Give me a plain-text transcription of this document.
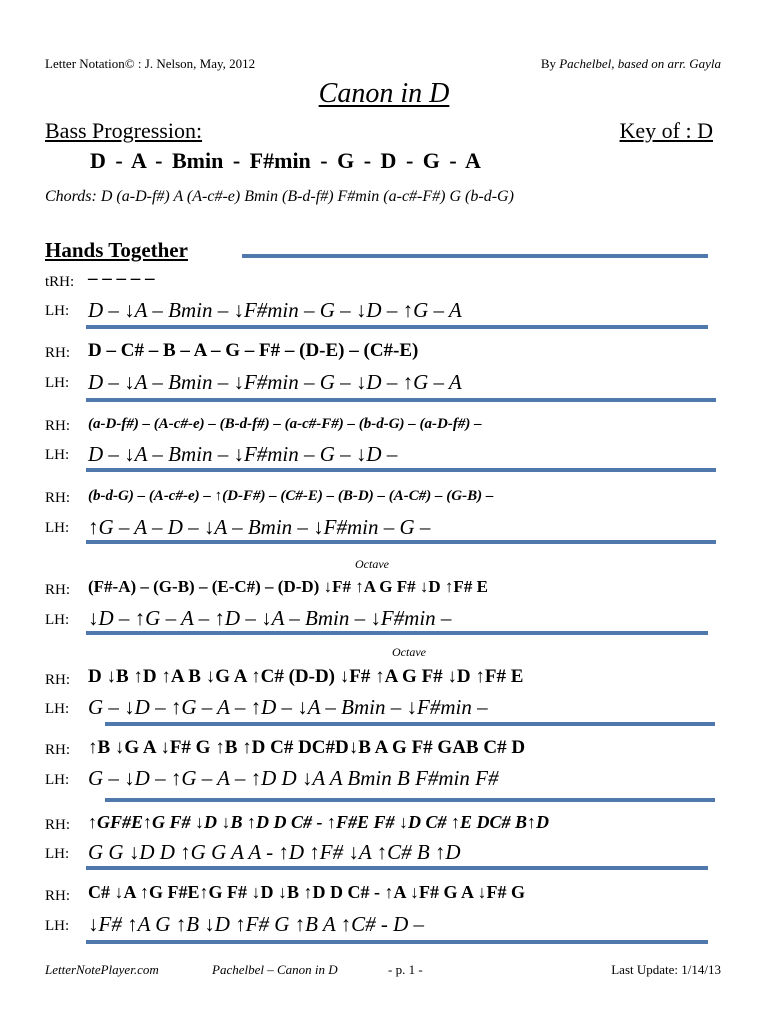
Letter Notation© : J. Nelson, May, 2012	By Pachelbel, based on arr. Gayla
Canon in D
Bass Progression:	Key of : D
D - A - Bmin - F#min - G - D - G - A
Chords: D (a-D-f#) A (A-c#-e) Bmin (B-d-f#) F#min (a-c#-F#) G (b-d-G)
Hands Together
tRH: – – – – –
LH: D – ↓A – Bmin – ↓F#min – G – ↓D – ↑G – A
RH: D – C# – B – A – G – F# – (D-E) – (C#-E)
LH: D – ↓A – Bmin – ↓F#min – G – ↓D – ↑G – A
RH: (a-D-f#) – (A-c#-e) – (B-d-f#) – (a-c#-F#) – (b-d-G) – (a-D-f#) –
LH: D – ↓A – Bmin – ↓F#min – G – ↓D –
RH: (b-d-G) – (A-c#-e) – ↑(D-F#) – (C#-E) – (B-D) – (A-C#) – (G-B) –
LH: ↑G – A – D – ↓A – Bmin – ↓F#min – G –
Octave
RH: (F#-A) – (G-B) – (E-C#) – (D-D) ↓F# ↑A G F# ↓D ↑F# E
LH: ↓D – ↑G – A – ↑D – ↓A – Bmin – ↓F#min –
Octave
RH: D ↓B ↑D ↑A B ↓G A ↑C# (D-D) ↓F# ↑A G F# ↓D ↑F# E
LH: G – ↓D – ↑G – A – ↑D – ↓A – Bmin – ↓F#min –
RH: ↑B ↓G A ↓F# G ↑B ↑D C# DC#D↓B A G F# GAB C# D
LH: G – ↓D – ↑G – A – ↑D D ↓A A Bmin B F#min F#
RH: ↑GF#E↑G F# ↓D ↓B ↑D D C# - ↑F#E F# ↓D C# ↑E DC# B↑D
LH: G G ↓D D ↑G G A A - ↑D ↑F# ↓A ↑C# B ↑D
RH: C# ↓A ↑G F#E↑G F# ↓D ↓B ↑D D C# - ↑A ↓F# G A ↓F# G
LH: ↓F# ↑A G ↑B ↓D ↑F# G ↑B A ↑C# - D –
LetterNotePlayer.com	Pachelbel – Canon in D	- p. 1 -	Last Update: 1/14/13
